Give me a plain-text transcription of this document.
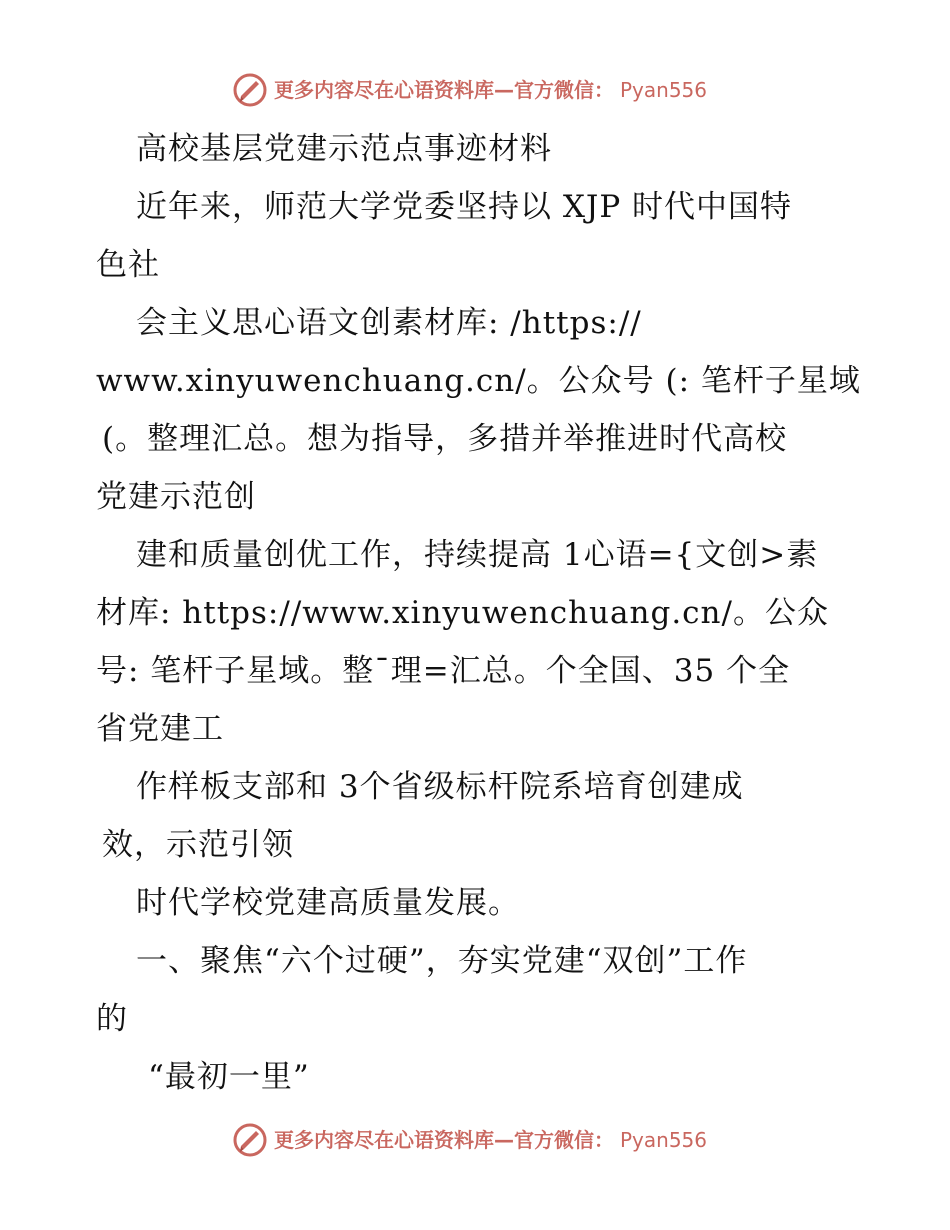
更多内容尽在心语资料库—官方微信： Pyan556
高校基层党建示范点事迹材料
近年来，师范大学党委坚持以 XJP 时代中国特
色社
会主义思心语文创素材库: /https://
www.xinyuwenchuang.cn/。公众号 (: 笔杆子星域
(。整理汇总。想为指导，多措并举推进时代高校
党建示范创
建和质量创优工作，持续提高 1心语={文创>素
材库: https://www.xinyuwenchuang.cn/。公众
号: 笔杆子星域。整¯理=汇总。个全国、35 个全
省党建工
作样板支部和 3个省级标杆院系培育创建成
效，示范引领
时代学校党建高质量发展。
一、聚焦“六个过硬”，夯实党建“双创”工作
的
“最初一里”
更多内容尽在心语资料库—官方微信： Pyan556
